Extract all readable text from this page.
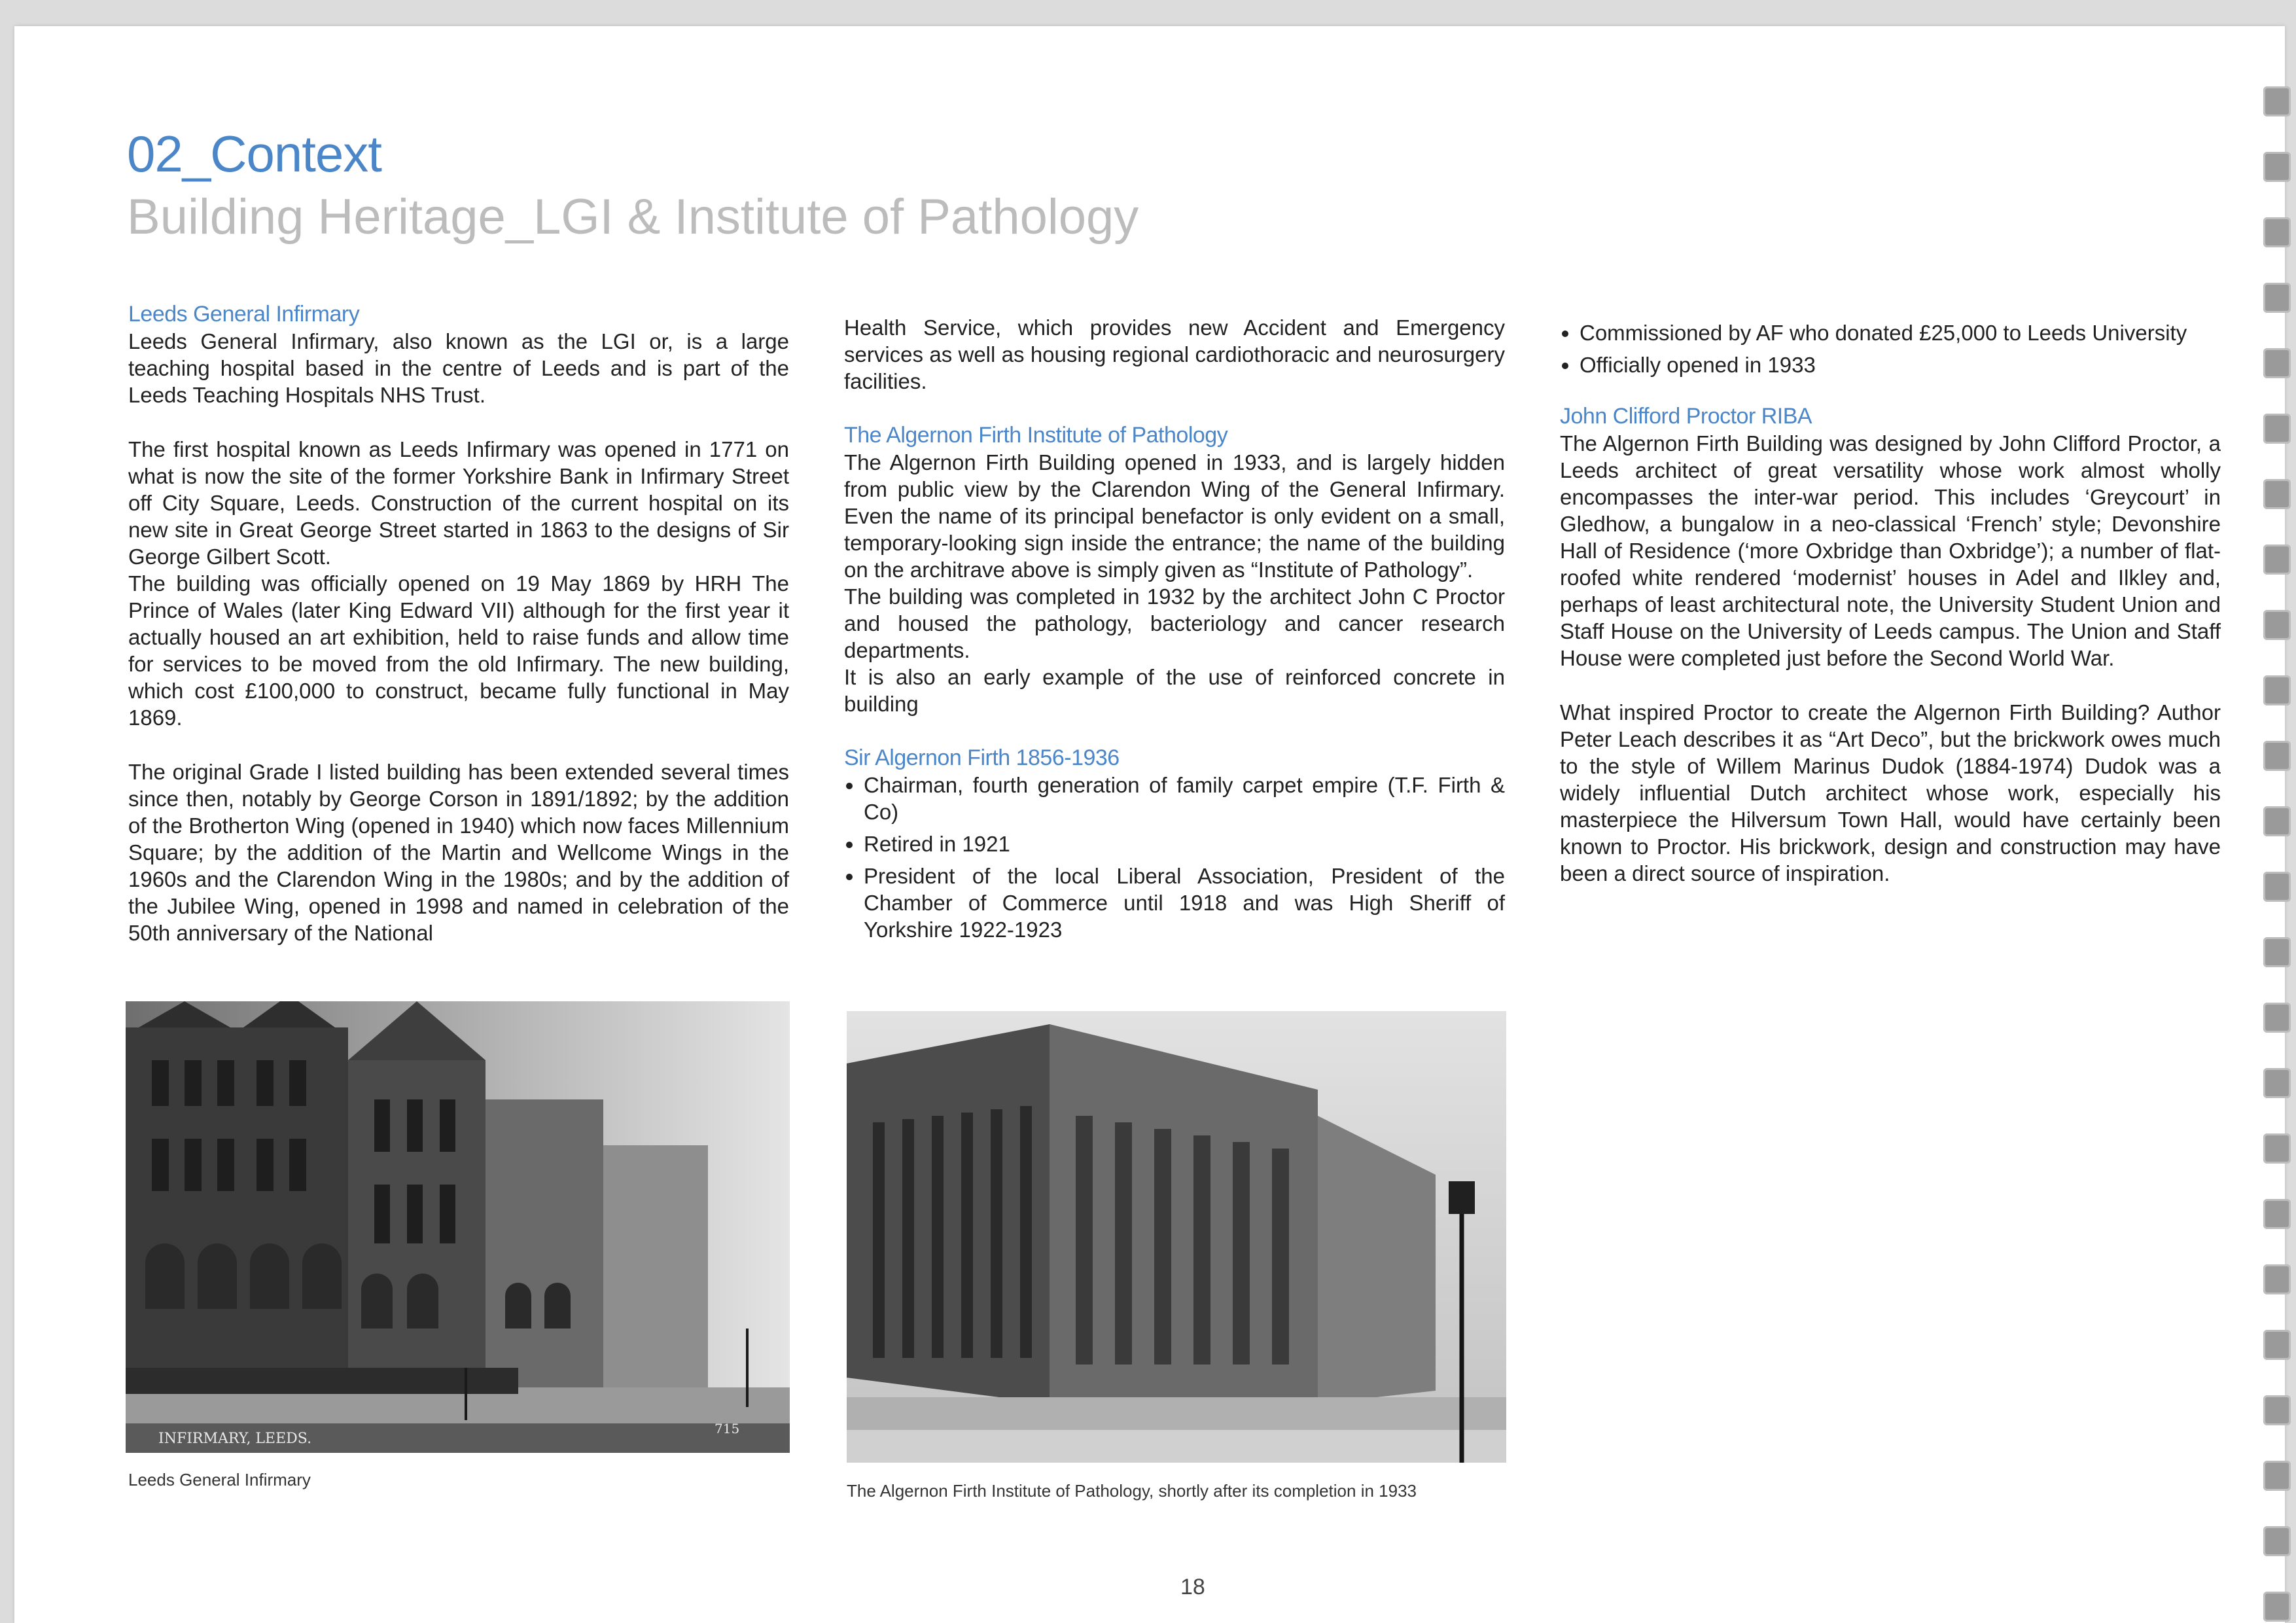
02_Context
Building Heritage_LGI & Institute of Pathology

Leeds General Infirmary

Leeds General Infirmary, also known as the LGI or, is a large teaching hospital based in the centre of Leeds and is part of the Leeds Teaching Hospitals NHS Trust.

The first hospital known as Leeds Infirmary was opened in 1771 on what is now the site of the former Yorkshire Bank in Infirmary Street off City Square, Leeds. Construction of the current hospital on its new site in Great George Street started in 1863 to the designs of Sir George Gilbert Scott.

The building was officially opened on 19 May 1869 by HRH The Prince of Wales (later King Edward VII) although for the first year it actually housed an art exhibition, held to raise funds and allow time for services to be moved from the old Infirmary. The new building, which cost £100,000 to construct, became fully functional in May 1869.

The original Grade I listed building has been extended several times since then, notably by George Corson in 1891/1892; by the addition of the Brotherton Wing (opened in 1940) which now faces Millennium Square; by the addition of the Martin and Wellcome Wings in the 1960s and the Clarendon Wing in the 1980s; and by the addition of the Jubilee Wing, opened in 1998 and named in celebration of the 50th anniversary of the National

Health Service, which provides new Accident and Emergency services as well as housing regional cardiothoracic and neurosurgery facilities.

The Algernon Firth Institute of Pathology

The Algernon Firth Building opened in 1933, and is largely hidden from public view by the Clarendon Wing of the General Infirmary. Even the name of its principal benefactor is only evident on a small, temporary-looking sign inside the entrance; the name of the building on the architrave above is simply given as “Institute of Pathology”.

The building was completed in 1932 by the architect John C Proctor and housed the pathology, bacteriology and cancer research departments.

It is also an early example of the use of reinforced concrete in building

Sir Algernon Firth 1856-1936

• Chairman, fourth generation of family carpet empire (T.F. Firth & Co)
• Retired in 1921
• President of the local Liberal Association, President of the Chamber of Commerce until 1918 and was High Sheriff of Yorkshire 1922-1923
• Commissioned by AF who donated £25,000 to Leeds University
• Officially opened in 1933

John Clifford Proctor RIBA

The Algernon Firth Building was designed by John Clifford Proctor, a Leeds architect of great versatility whose work almost wholly encompasses the inter-war period. This includes ‘Greycourt’ in Gledhow, a bungalow in a neo-classical ‘French’ style; Devonshire Hall of Residence (‘more Oxbridge than Oxbridge’); a number of flat-roofed white rendered ‘modernist’ houses in Adel and Ilkley and, perhaps of least architectural note, the University Student Union and Staff House on the University of Leeds campus. The Union and Staff House were completed just before the Second World War.

What inspired Proctor to create the Algernon Firth Building? Author Peter Leach describes it as “Art Deco”, but the brickwork owes much to the style of Willem Marinus Dudok (1884-1974) Dudok was a widely influential Dutch architect whose work, especially his masterpiece the Hilversum Town Hall, would have certainly been known to Proctor. His brickwork, design and construction may have been a direct source of inspiration.

INFIRMARY, LEEDS.
715
Leeds General Infirmary
The Algernon Firth Institute of Pathology, shortly after its completion in 1933
18
